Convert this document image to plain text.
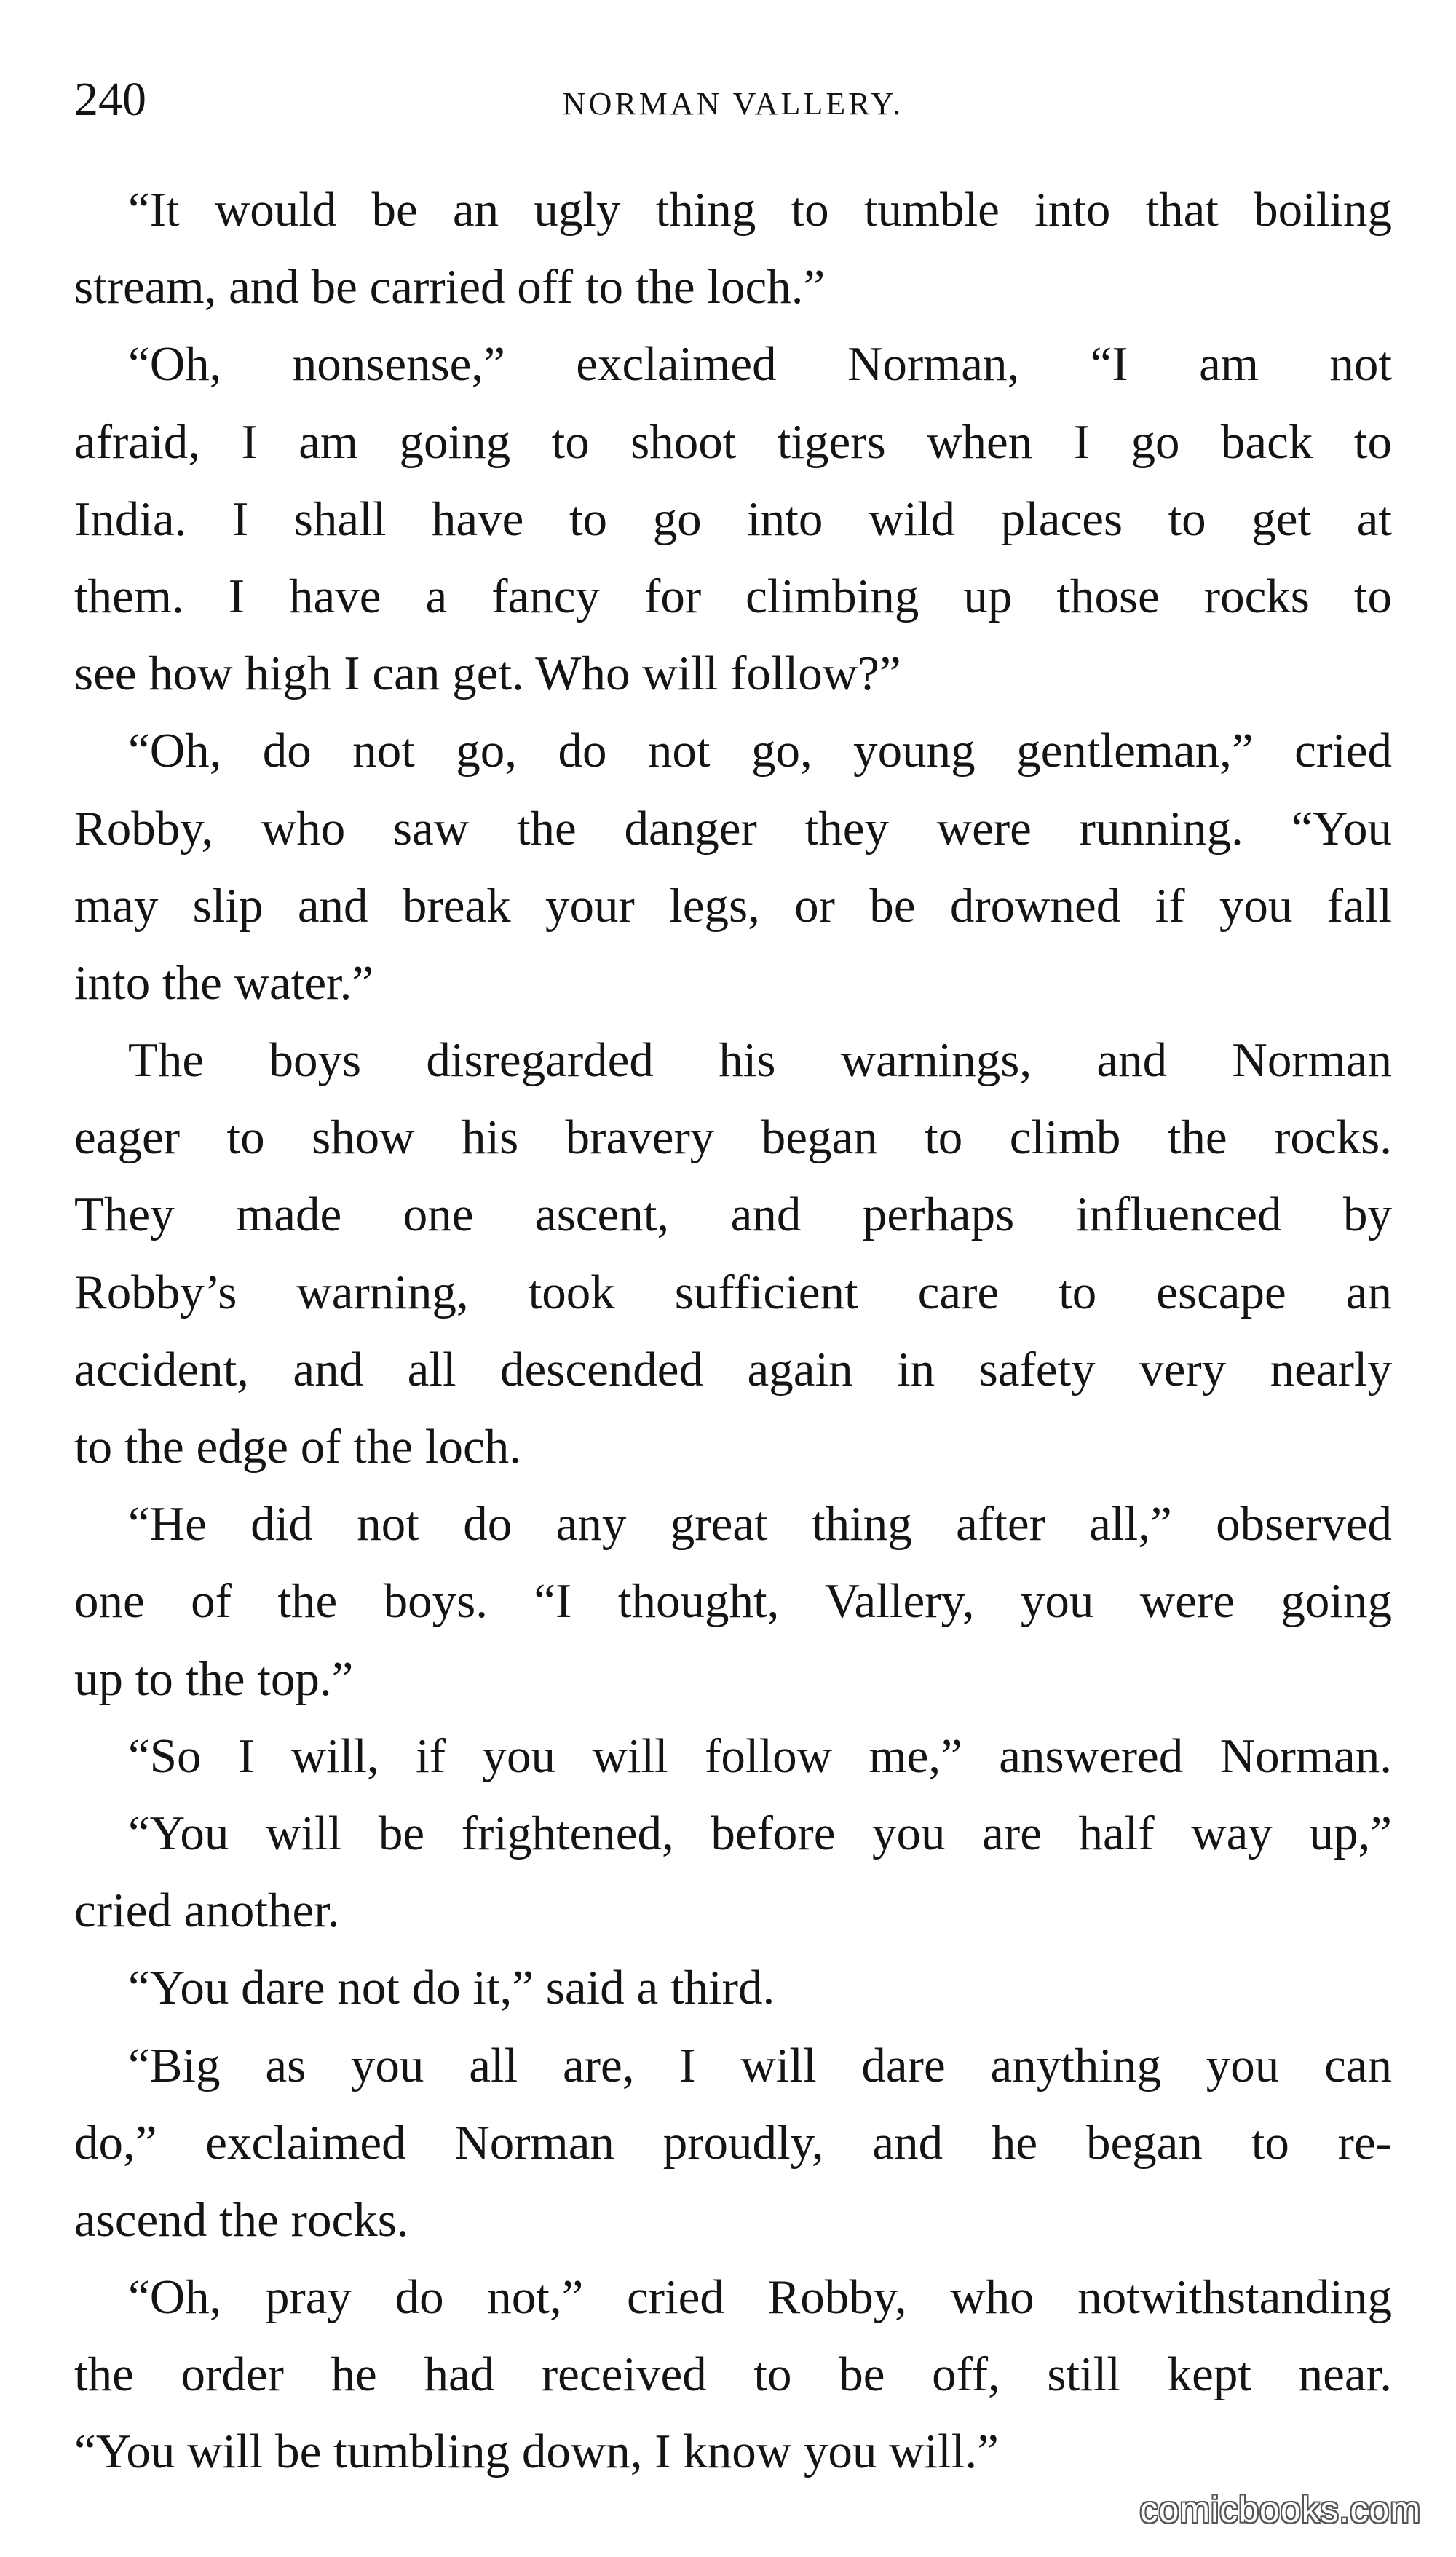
240	NORMAN VALLERY.
“It would be an ugly thing to tumble into that boiling
stream, and be carried off to the loch.”
“Oh, nonsense,” exclaimed Norman, “I am not
afraid, I am going to shoot tigers when I go back to
India. I shall have to go into wild places to get at
them. I have a fancy for climbing up those rocks to
see how high I can get. Who will follow?”
“Oh, do not go, do not go, young gentleman,” cried
Robby, who saw the danger they were running. “You
may slip and break your legs, or be drowned if you fall
into the water.”
The boys disregarded his warnings, and Norman
eager to show his bravery began to climb the rocks.
They made one ascent, and perhaps influenced by
Robby’s warning, took sufficient care to escape an
accident, and all descended again in safety very nearly
to the edge of the loch.
“He did not do any great thing after all,” observed
one of the boys. “I thought, Vallery, you were going
up to the top.”
“So I will, if you will follow me,” answered Norman.
“You will be frightened, before you are half way up,”
cried another.
“You dare not do it,” said a third.
“Big as you all are, I will dare anything you can
do,” exclaimed Norman proudly, and he began to re-
ascend the rocks.
“Oh, pray do not,” cried Robby, who notwithstanding
the order he had received to be off, still kept near.
“You will be tumbling down, I know you will.”
comicbooks.com
